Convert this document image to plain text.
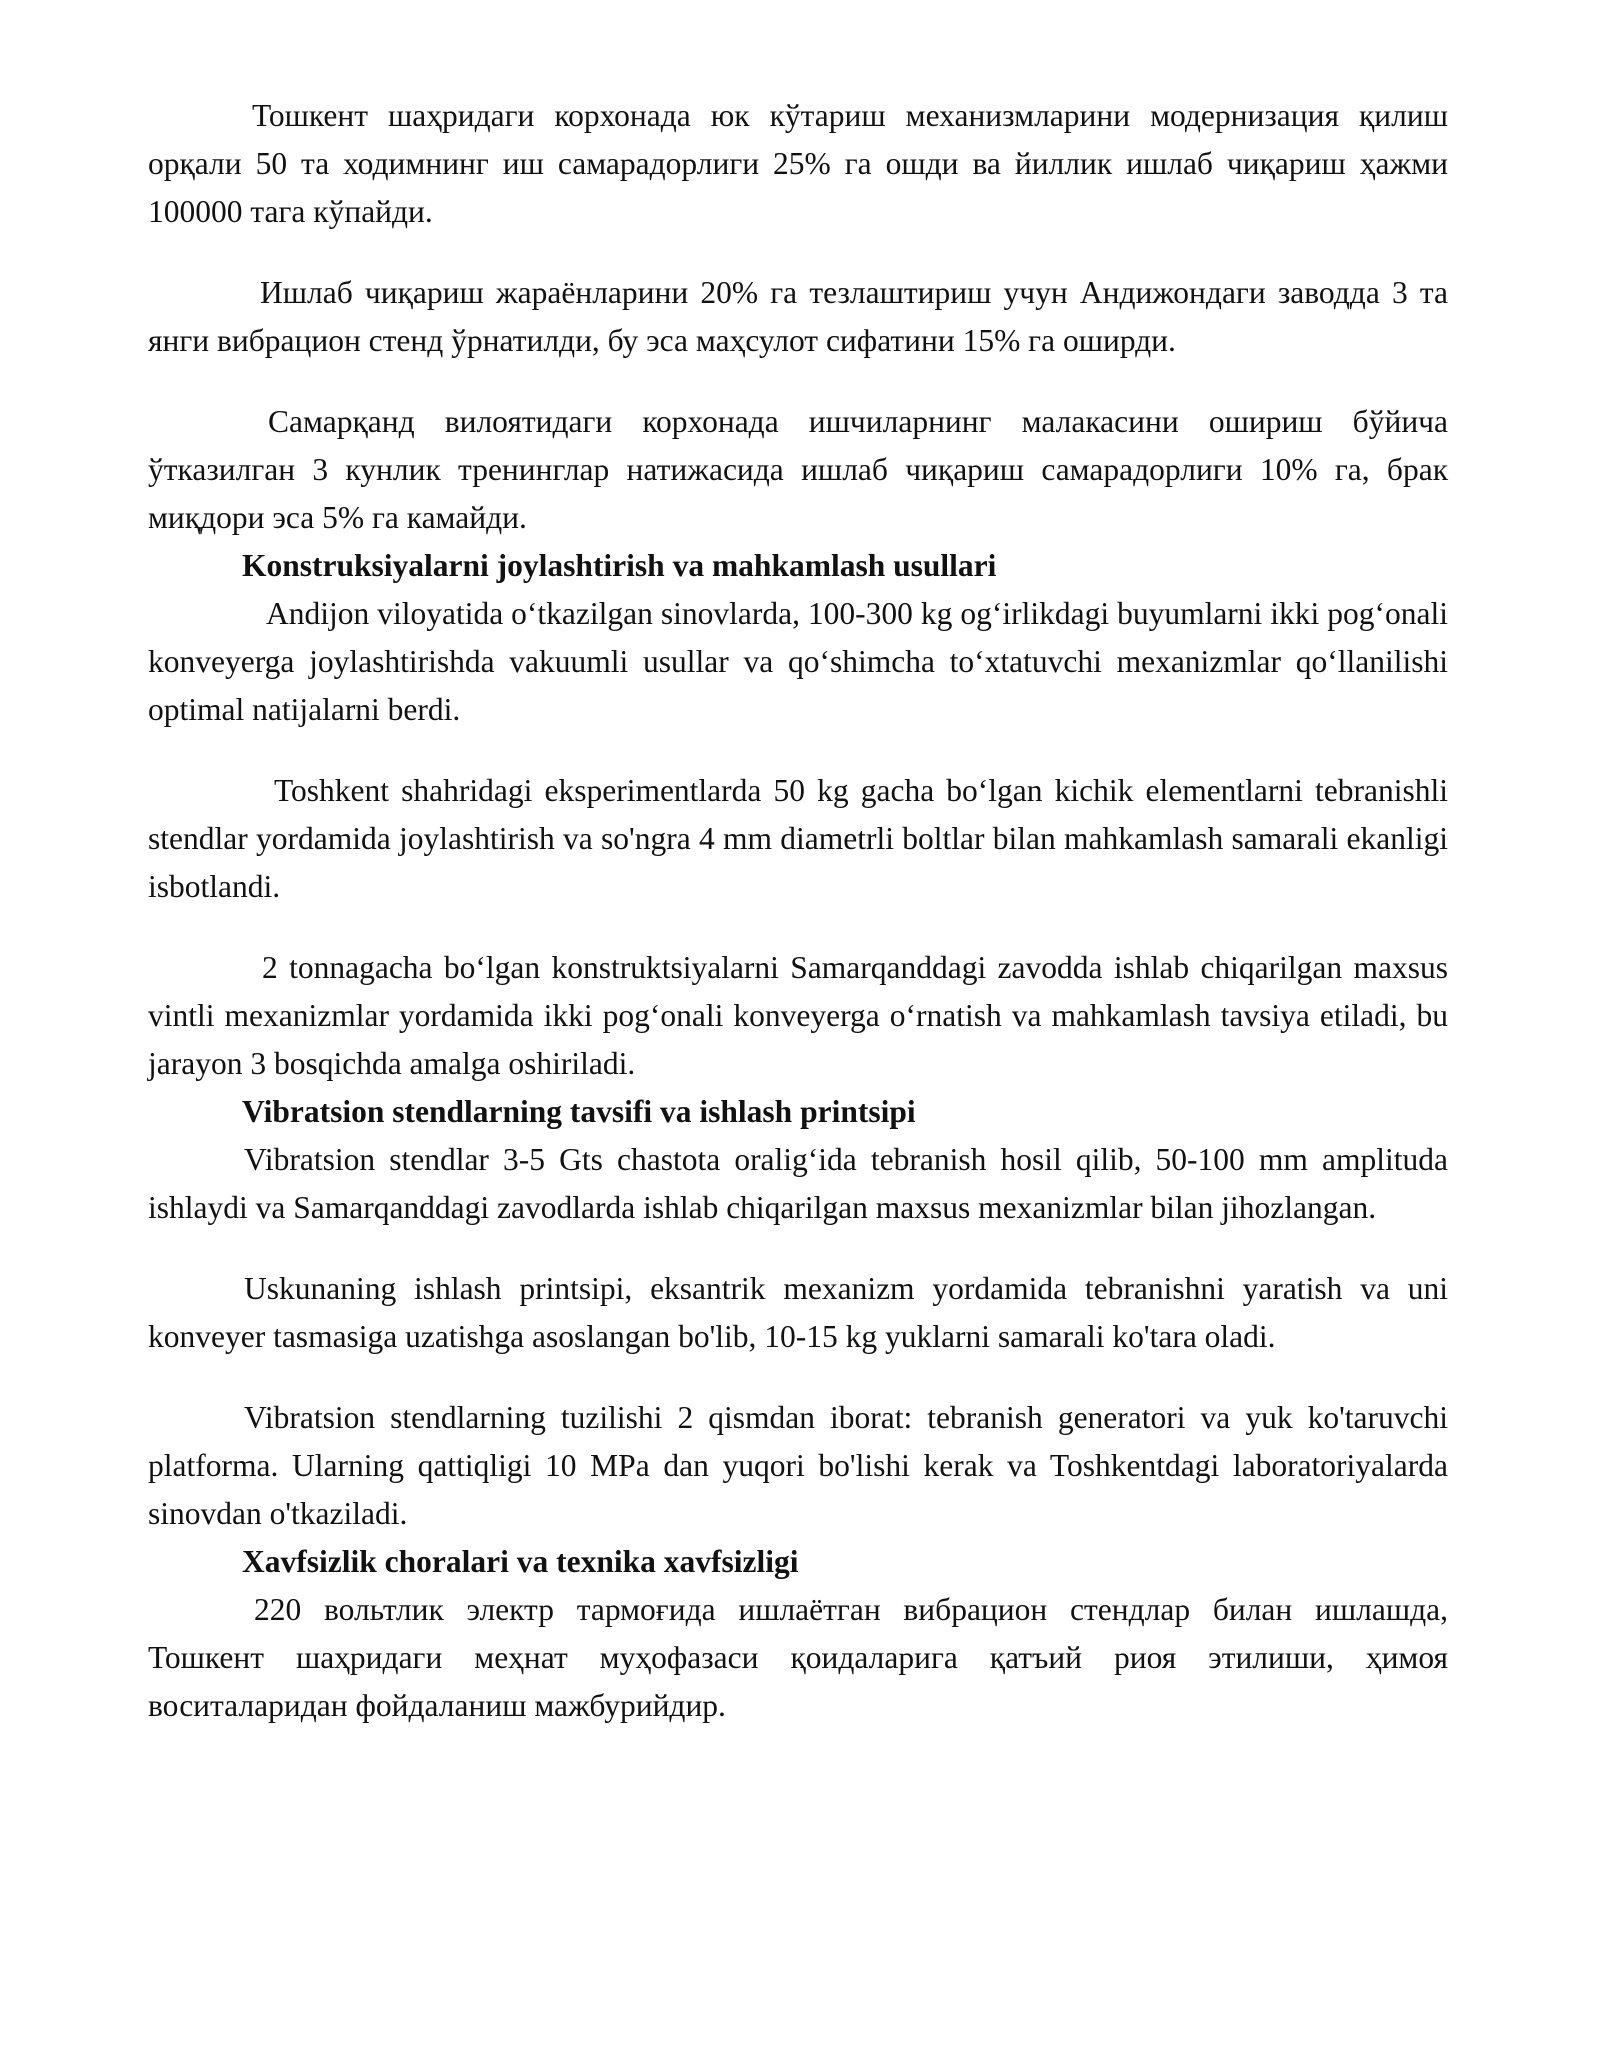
Тошкент шаҳридаги корхонада юк кўтариш механизмларини модернизация қилиш орқали 50 та ходимнинг иш самарадорлиги 25% га ошди ва йиллик ишлаб чиқариш ҳажми 100000 тага кўпайди.

Ишлаб чиқариш жараёнларини 20% га тезлаштириш учун Андижондаги заводда 3 та янги вибрацион стенд ўрнатилди, бу эса маҳсулот сифатини 15% га оширди.

Самарқанд вилоятидаги корхонада ишчиларнинг малакасини ошириш бўйича ўтказилган 3 кунлик тренинглар натижасида ишлаб чиқариш самарадорлиги 10% га, брак миқдори эса 5% га камайди.

Konstruksiyalarni joylashtirish va mahkamlash usullari

Andijon viloyatida oʻtkazilgan sinovlarda, 100-300 kg ogʻirlikdagi buyumlarni ikki pogʻonali konveyerga joylashtirishda vakuumli usullar va qoʻshimcha toʻxtatuvchi mexanizmlar qoʻllanilishi optimal natijalarni berdi.

Toshkent shahridagi eksperimentlarda 50 kg gacha boʻlgan kichik elementlarni tebranishli stendlar yordamida joylashtirish va so'ngra 4 mm diametrli boltlar bilan mahkamlash samarali ekanligi isbotlandi.

2 tonnagacha boʻlgan konstruktsiyalarni Samarqanddagi zavodda ishlab chiqarilgan maxsus vintli mexanizmlar yordamida ikki pogʻonali konveyerga oʻrnatish va mahkamlash tavsiya etiladi, bu jarayon 3 bosqichda amalga oshiriladi.

Vibratsion stendlarning tavsifi va ishlash printsipi

Vibratsion stendlar 3-5 Gts chastota oraligʻida tebranish hosil qilib, 50-100 mm amplituda ishlaydi va Samarqanddagi zavodlarda ishlab chiqarilgan maxsus mexanizmlar bilan jihozlangan.

Uskunaning ishlash printsipi, eksantrik mexanizm yordamida tebranishni yaratish va uni konveyer tasmasiga uzatishga asoslangan bo'lib, 10-15 kg yuklarni samarali ko'tara oladi.

Vibratsion stendlarning tuzilishi 2 qismdan iborat: tebranish generatori va yuk ko'taruvchi platforma. Ularning qattiqligi 10 MPa dan yuqori bo'lishi kerak va Toshkentdagi laboratoriyalarda sinovdan o'tkaziladi.

Xavfsizlik choralari va texnika xavfsizligi

220 вольтлик электр тармоғида ишлаётган вибрацион стендлар билан ишлашда, Тошкент шаҳридаги меҳнат муҳофазаси қоидаларига қатъий риоя этилиши, ҳимоя воситаларидан фойдаланиш мажбурийдир.
